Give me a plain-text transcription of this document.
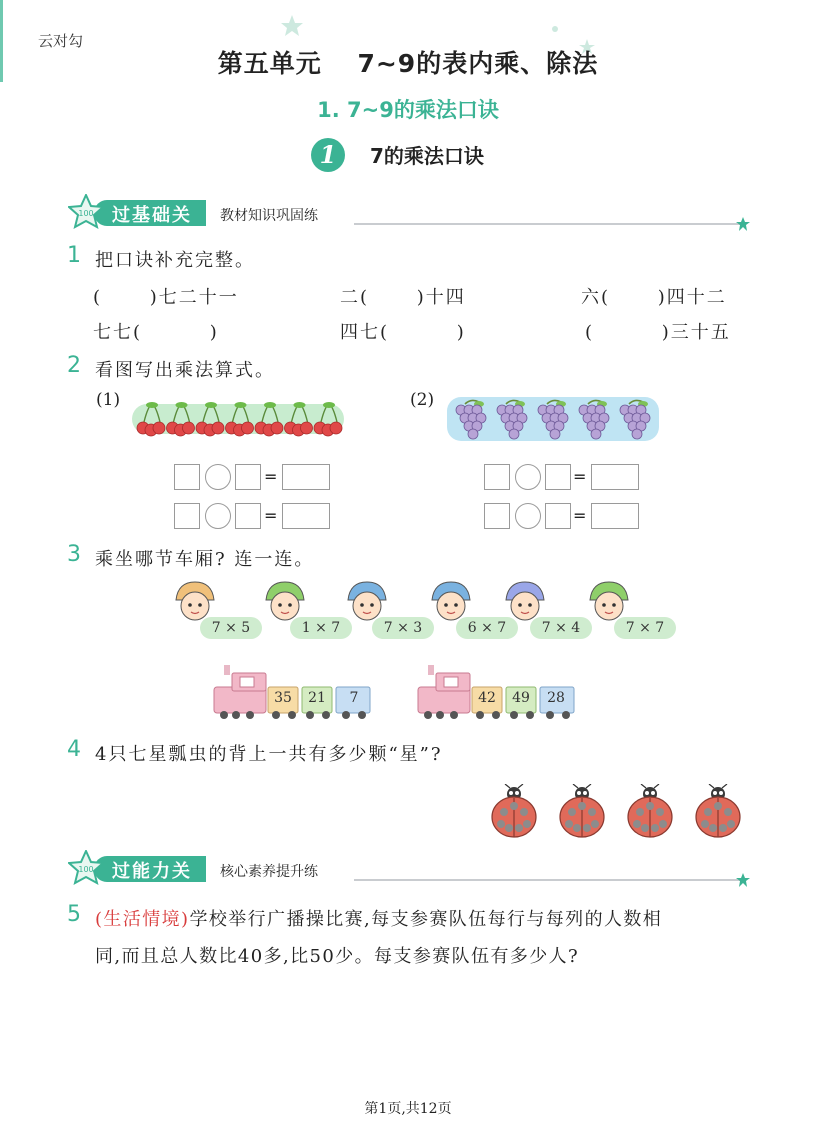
云对勾
第五单元　 7~9的表内乘、除法
1. 7~9的乘法口诀
1	7的乘法口诀
100 过基础关 教材知识巩固练
1 把口诀补充完整。
(　　 )七二十一	二(　　 )十四	六(　　 )四十二
七七(　　　 )	四七(　　　 )	(　　　 )三十五
2 看图写出乘法算式。
(1)	(2)
=
=
=
=
3 乘坐哪节车厢? 连一连。
7 × 5	1 × 7	7 × 3	6 × 7	7 × 4	7 × 7
35	21	7	42	49	28
4 4只七星瓢虫的背上一共有多少颗“星”?
100 过能力关 核心素养提升练
5 (生活情境)学校举行广播操比赛,每支参赛队伍每行与每列的人数相
同,而且总人数比40多,比50少。每支参赛队伍有多少人?
第1页,共12页
